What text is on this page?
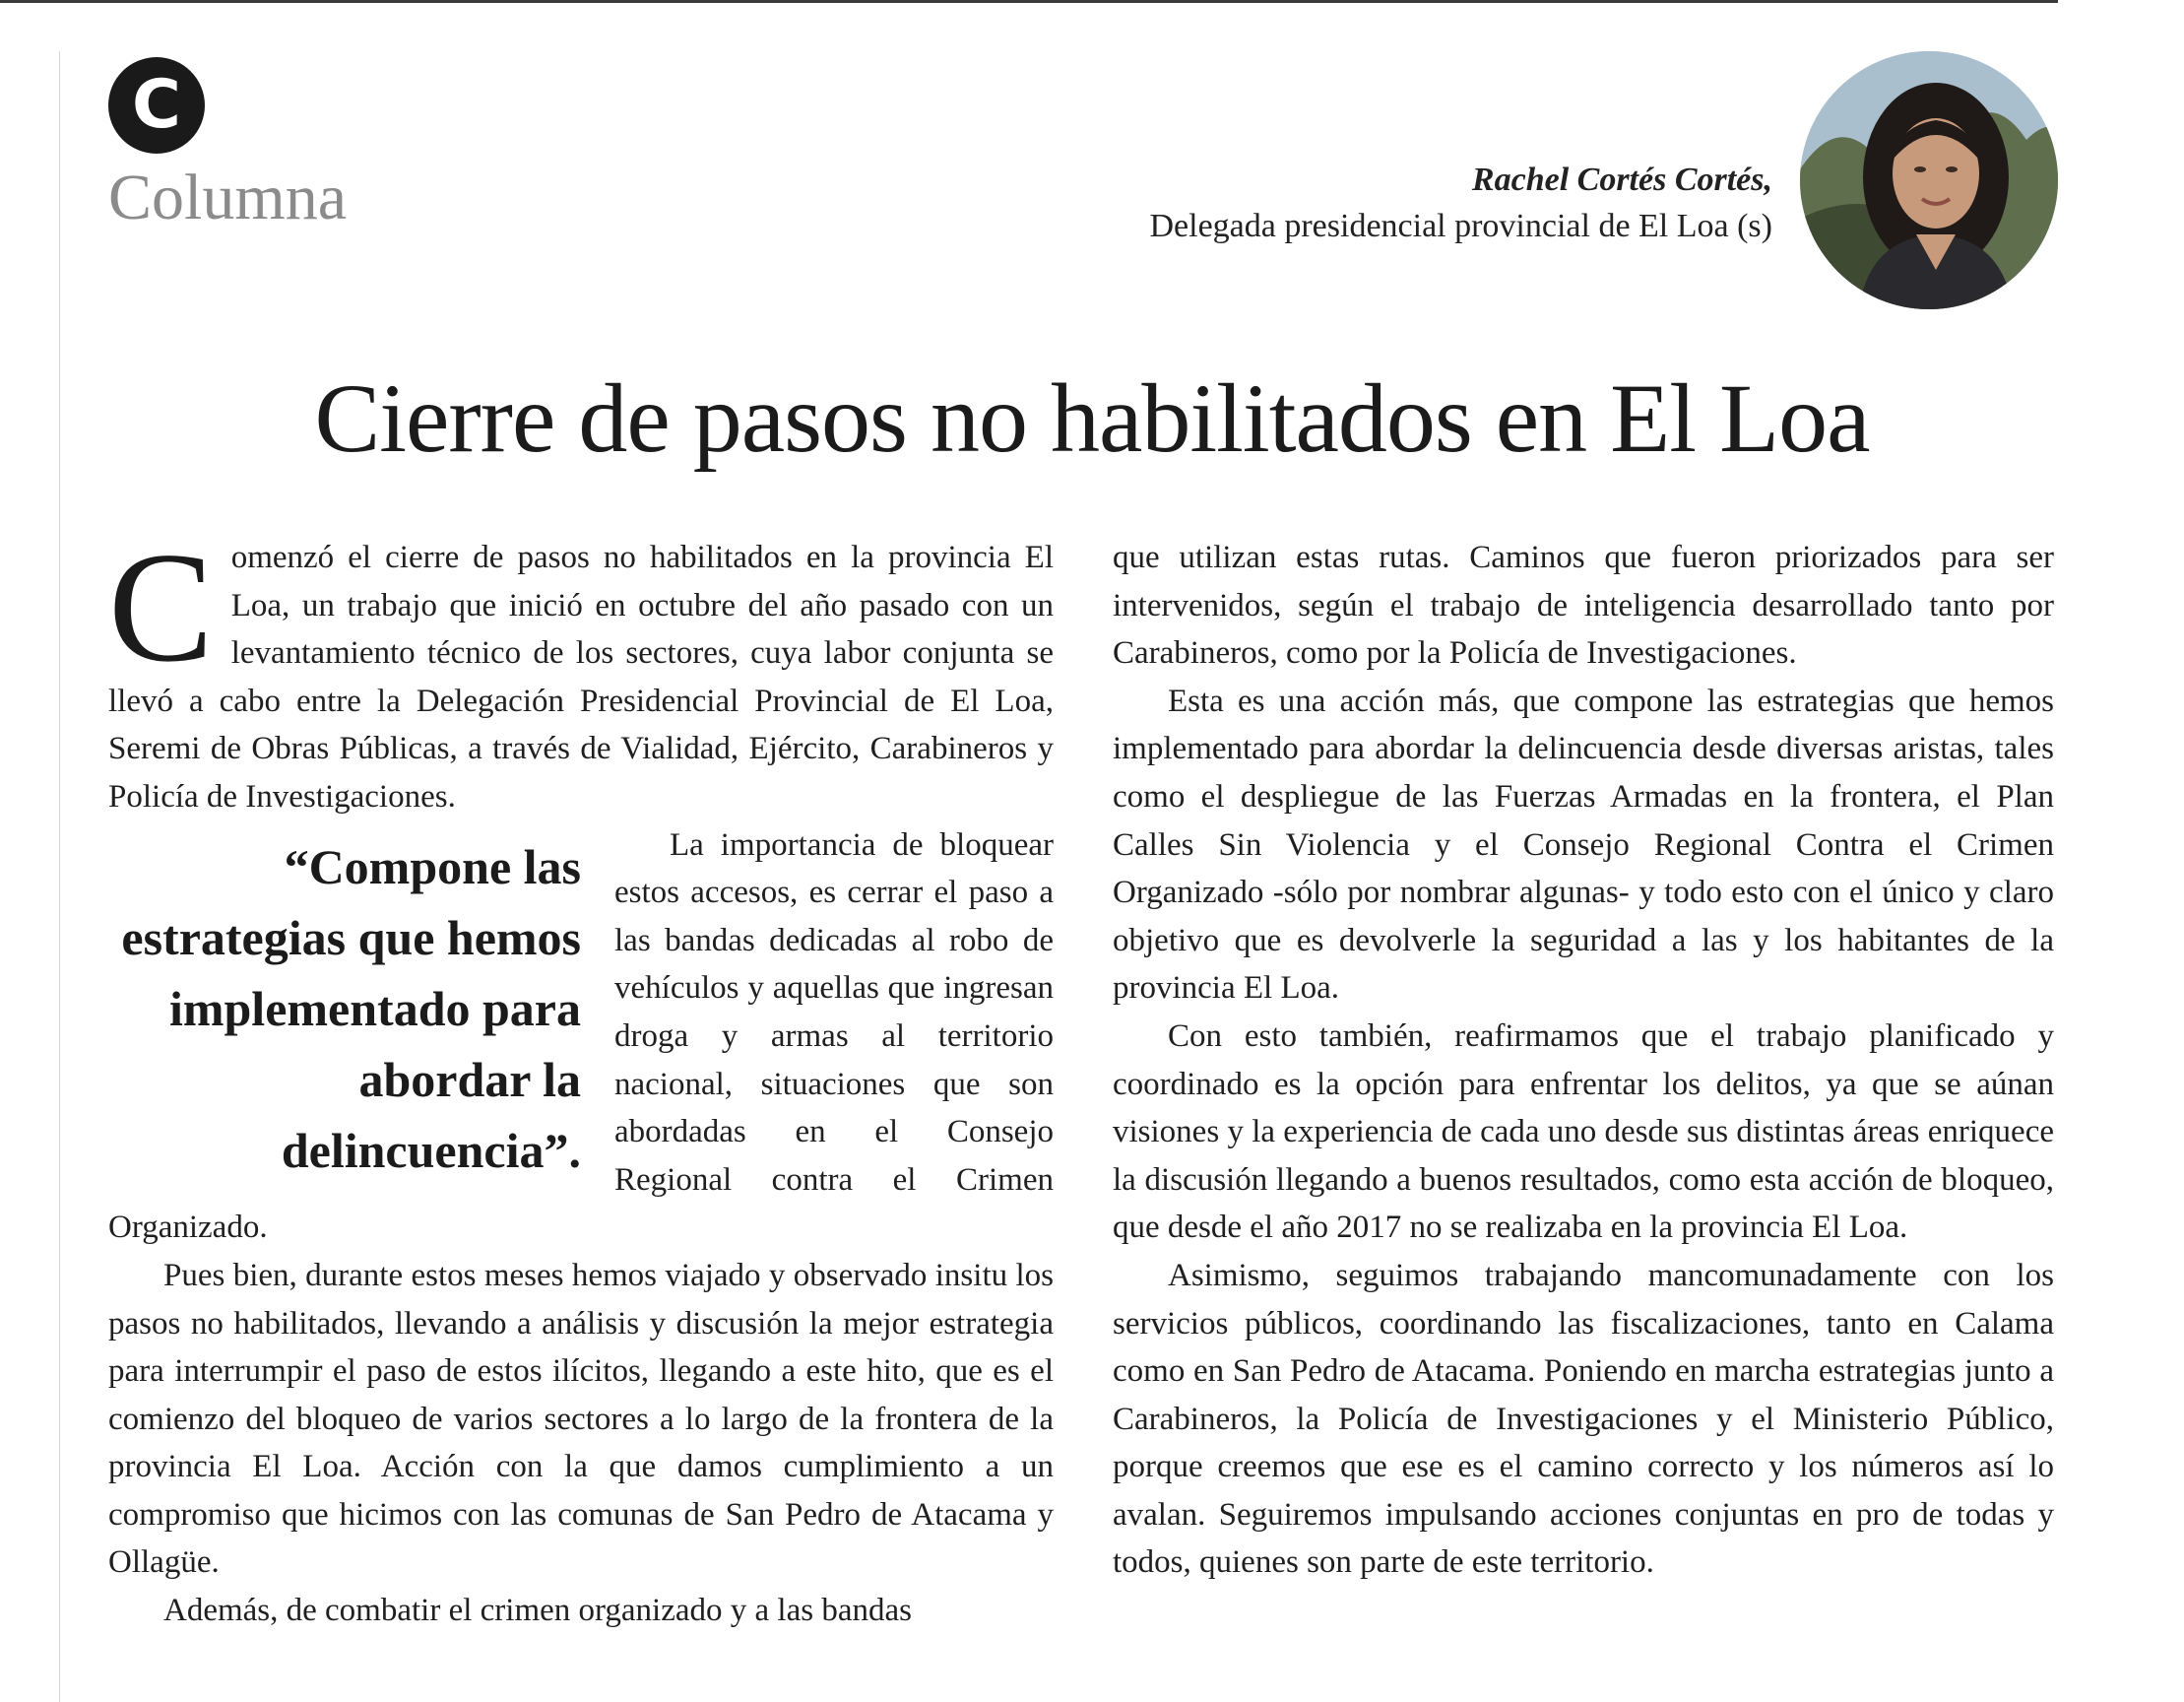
C
Columna	Rachel Cortés Cortés,
Delegada presidencial provincial de El Loa (s)
Cierre de pasos no habilitados en El Loa

Comenzó el cierre de pasos no habilitados en la provincia El Loa, un trabajo que inició en octubre del año pasado con un levantamiento técnico de los sectores, cuya labor conjunta se llevó a cabo entre la Delegación Presidencial Provincial de El Loa, Seremi de Obras Públicas, a través de Vialidad, Ejército, Carabineros y Policía de Investigaciones.

“Compone las estrategias que hemos implementado para abordar la delincuencia”.

La importancia de bloquear estos accesos, es cerrar el paso a las bandas dedicadas al robo de vehículos y aquellas que ingresan droga y armas al territorio nacional, situaciones que son abordadas en el Consejo Regional contra el Crimen Organizado.

Pues bien, durante estos meses hemos viajado y observado insitu los pasos no habilitados, llevando a análisis y discusión la mejor estrategia para interrumpir el paso de estos ilícitos, llegando a este hito, que es el comienzo del bloqueo de varios sectores a lo largo de la frontera de la provincia El Loa. Acción con la que damos cumplimiento a un compromiso que hicimos con las comunas de San Pedro de Atacama y Ollagüe.

Además, de combatir el crimen organizado y a las bandas

que utilizan estas rutas. Caminos que fueron priorizados para ser intervenidos, según el trabajo de inteligencia desarrollado tanto por Carabineros, como por la Policía de Investigaciones.

Esta es una acción más, que compone las estrategias que hemos implementado para abordar la delincuencia desde diversas aristas, tales como el despliegue de las Fuerzas Armadas en la frontera, el Plan Calles Sin Violencia y el Consejo Regional Contra el Crimen Organizado -sólo por nombrar algunas- y todo esto con el único y claro objetivo que es devolverle la seguridad a las y los habitantes de la provincia El Loa.

Con esto también, reafirmamos que el trabajo planificado y coordinado es la opción para enfrentar los delitos, ya que se aúnan visiones y la experiencia de cada uno desde sus distintas áreas enriquece la discusión llegando a buenos resultados, como esta acción de bloqueo, que desde el año 2017 no se realizaba en la provincia El Loa.

Asimismo, seguimos trabajando mancomunadamente con los servicios públicos, coordinando las fiscalizaciones, tanto en Calama como en San Pedro de Atacama. Poniendo en marcha estrategias junto a Carabineros, la Policía de Investigaciones y el Ministerio Público, porque creemos que ese es el camino correcto y los números así lo avalan. Seguiremos impulsando acciones conjuntas en pro de todas y todos, quienes son parte de este territorio.
